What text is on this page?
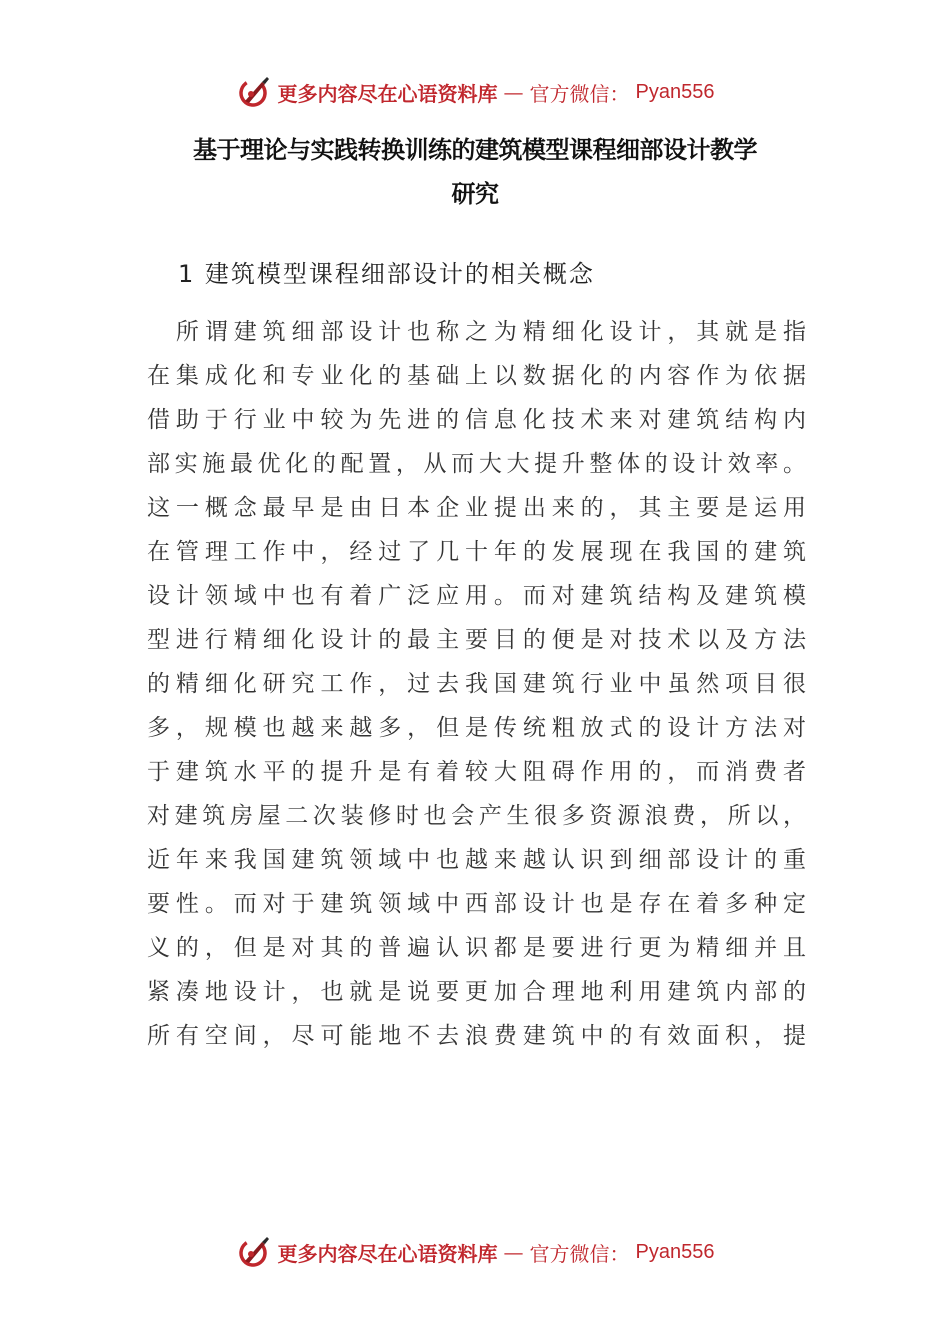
更多内容尽在心语资料库 — 官方微信： Pyan556
基于理论与实践转换训练的建筑模型课程细部设计教学
研究
1 建筑模型课程细部设计的相关概念
　所谓建筑细部设计也称之为精细化设计，其就是指
在集成化和专业化的基础上以数据化的内容作为依据
借助于行业中较为先进的信息化技术来对建筑结构内
部实施最优化的配置，从而大大提升整体的设计效率。
这一概念最早是由日本企业提出来的，其主要是运用
在管理工作中，经过了几十年的发展现在我国的建筑
设计领域中也有着广泛应用。而对建筑结构及建筑模
型进行精细化设计的最主要目的便是对技术以及方法
的精细化研究工作，过去我国建筑行业中虽然项目很
多，规模也越来越多，但是传统粗放式的设计方法对
于建筑水平的提升是有着较大阻碍作用的，而消费者
对建筑房屋二次装修时也会产生很多资源浪费，所以，
近年来我国建筑领域中也越来越认识到细部设计的重
要性。而对于建筑领域中西部设计也是存在着多种定
义的，但是对其的普遍认识都是要进行更为精细并且
紧凑地设计，也就是说要更加合理地利用建筑内部的
所有空间，尽可能地不去浪费建筑中的有效面积，提
更多内容尽在心语资料库 — 官方微信： Pyan556
